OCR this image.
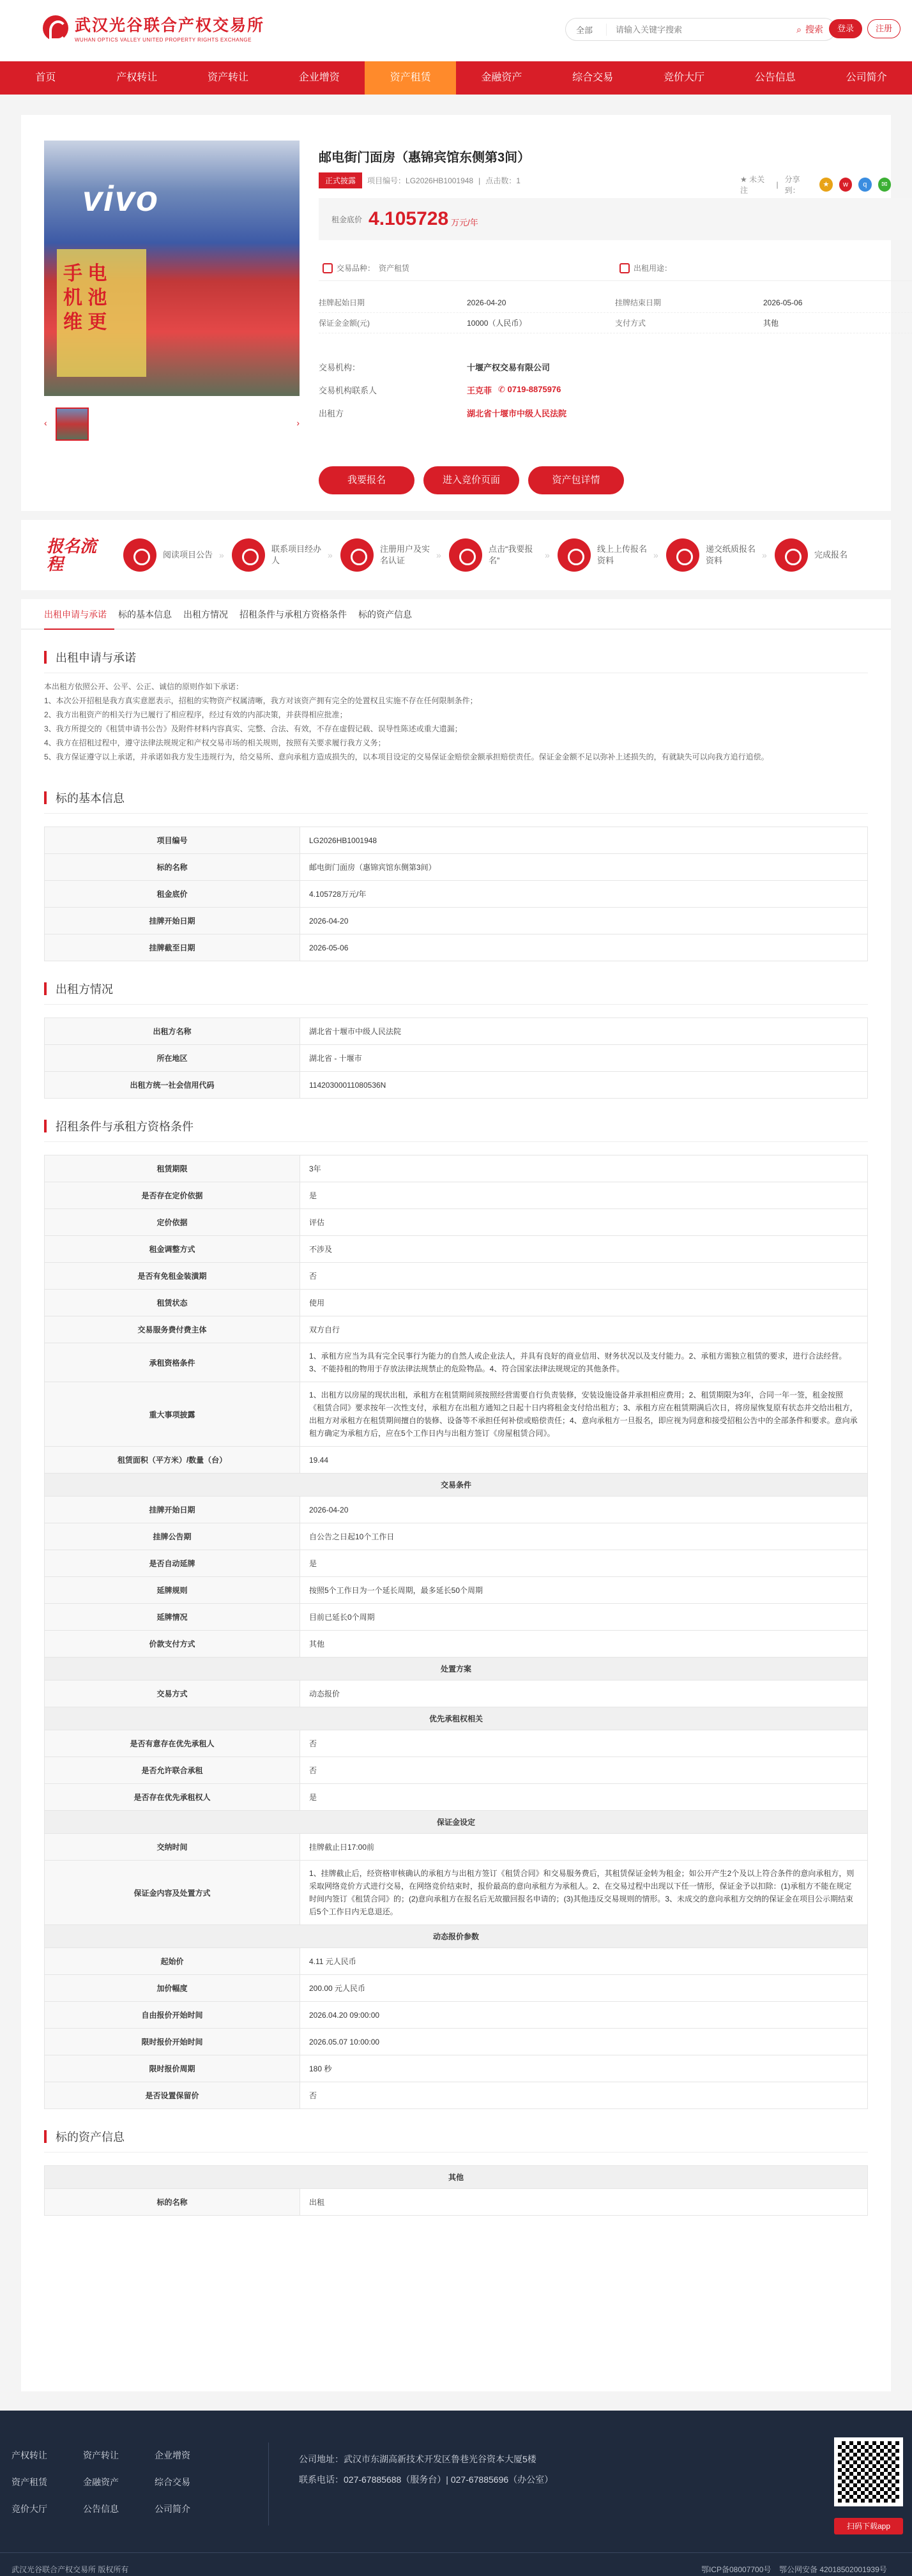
武汉光谷联合产权交易所
WUHAN OPTICS VALLEY UNITED PROPERTY RIGHTS EXCHANGE
全部
请输入关键字搜索	⌕ 搜索	登录	注册
首页	产权转让	资产转让	企业增资	资产租赁	金融资产	综合交易	竞价大厅	公告信息	公司简介
vivo
手 电
机 池
维 更
‹	›
邮电街门面房（惠锦宾馆东侧第3间）
正式披露	项目编号：LG2026HB1001948 | 点击数：1	★ 未关注
|
分享到：
★	w	q	✉
租金底价 4.105728 万元/年
交易品种： 资产租赁	出租用途：
挂牌起始日期	2026-04-20	挂牌结束日期	2026-05-06
保证金金额(元)	10000（人民币）	支付方式	其他
交易机构：	十堰产权交易有限公司
交易机构联系人	王克菲 ✆ 0719-8875976
出租方	湖北省十堰市中级人民法院
我要报名	进入竞价页面	资产包详情
报名流程	阅读项目公告 »
联系项目经办人
»
注册用户及实名认证
»
点击“我要报名”
»
线上上传报名资料
»
递交纸质报名资料
»	完成报名
出租申请与承诺	标的基本信息	出租方情况	招租条件与承租方资格条件	标的资产信息
出租申请与承诺
本出租方依照公开、公平、公正、诚信的原则作如下承诺：
1、本次公开招租是我方真实意愿表示，招租的实物资产权属清晰，我方对该资产拥有完全的处置权且实施不存在任何限制条件；
2、我方出租资产的相关行为已履行了相应程序，经过有效的内部决策，并获得相应批准；
3、我方所提交的《租赁申请书公告》及附件材料内容真实、完整、合法、有效，不存在虚假记载、误导性陈述或重大遗漏；
4、我方在招租过程中，遵守法律法规规定和产权交易市场的相关规则，按照有关要求履行我方义务；
5、我方保证遵守以上承诺，并承诺如我方发生违规行为，给交易所、意向承租方造成损失的，以本项目设定的交易保证金赔偿金额承担赔偿责任。保证金金额不足以弥补上述损失的，有就缺失可以向我方追行追偿。
标的基本信息
项目编号	LG2026HB1001948
标的名称	邮电街门面房（惠锦宾馆东侧第3间）
租金底价	4.105728万元/年
挂牌开始日期	2026-04-20
挂牌截至日期	2026-05-06
出租方情况
出租方名称	湖北省十堰市中级人民法院
所在地区	湖北省 - 十堰市
出租方统一社会信用代码	11420300011080536N
招租条件与承租方资格条件
租赁期限	3年
是否存在定价依据	是
定价依据	评估
租金调整方式	不涉及
是否有免租金装潢期	否
租赁状态	使用
交易服务费付费主体	双方自行
承租资格条件	1、承租方应当为具有完全民事行为能力的自然人或企业法人，并具有良好的商业信用、财务状况以及支付能力。2、承租方需独立租赁的要求，进行合法经营。3、不能持租的物用于存放法律法规禁止的危险物品。4、符合国家法律法规规定的其他条件。
重大事项披露	1、出租方以房屋的现状出租，承租方在租赁期间须按照经营需要自行负责装修，安装设施设备并承担相应费用；2、租赁期限为3年，合同一年一签，租金按照《租赁合同》要求按年一次性支付，承租方在出租方通知之日起十日内将租金支付给出租方；3、承租方应在租赁期满后次日，将房屋恢复原有状态并交给出租方，出租方对承租方在租赁期间擅自的装修、设备等不承担任何补偿或赔偿责任；4、意向承租方一旦报名，即应视为同意和接受招租公告中的全部条件和要求。意向承租方确定为承租方后，应在5个工作日内与出租方签订《房屋租赁合同》。
租赁面积（平方米）/数量（台）	19.44
交易条件	
挂牌开始日期	2026-04-20
挂牌公告期	自公告之日起10个工作日
是否自动延牌	是
延牌规则	按照5个工作日为一个延长周期，最多延长50个周期
延牌情况	目前已延长0个周期
价款支付方式	其他
处置方案	
交易方式	动态报价
优先承租权相关	
是否有意存在优先承租人	否
是否允许联合承租	否
是否存在优先承租权人	是
保证金设定	
交纳时间	挂牌截止日17:00前
保证金内容及处置方式	1、挂牌截止后，经资格审核确认的承租方与出租方签订《租赁合同》和交易服务费后，其租赁保证金转为租金；如公开产生2个及以上符合条件的意向承租方，则采取网络竞价方式进行交易，在网络竞价结束时，报价最高的意向承租方为承租人。2、在交易过程中出现以下任一情形，保证金予以扣除：(1)承租方不能在规定时间内签订《租赁合同》的；(2)意向承租方在报名后无故撤回报名申请的；(3)其他违反交易规则的情形。3、未成交的意向承租方交纳的保证金在项目公示期结束后5个工作日内无息退还。
动态报价参数	
起始价	4.11 元人民币
加价幅度	200.00 元人民币
自由报价开始时间	2026.04.20 09:00:00
限时报价开始时间	2026.05.07 10:00:00
限时报价周期	180 秒
是否设置保留价	否
标的资产信息
其他
标的名称	出租
产权转让	资产转让	企业增资
资产租赁	金融资产	综合交易
竞价大厅	公告信息	公司简介
公司地址：武汉市东湖高新技术开发区鲁巷光谷资本大厦5楼
联系电话：027-67885688（服务台）| 027-67885696（办公室）
扫码下载app
武汉光谷联合产权交易所 版权所有	鄂ICP备08007700号 鄂公网安备 42018502001939号
